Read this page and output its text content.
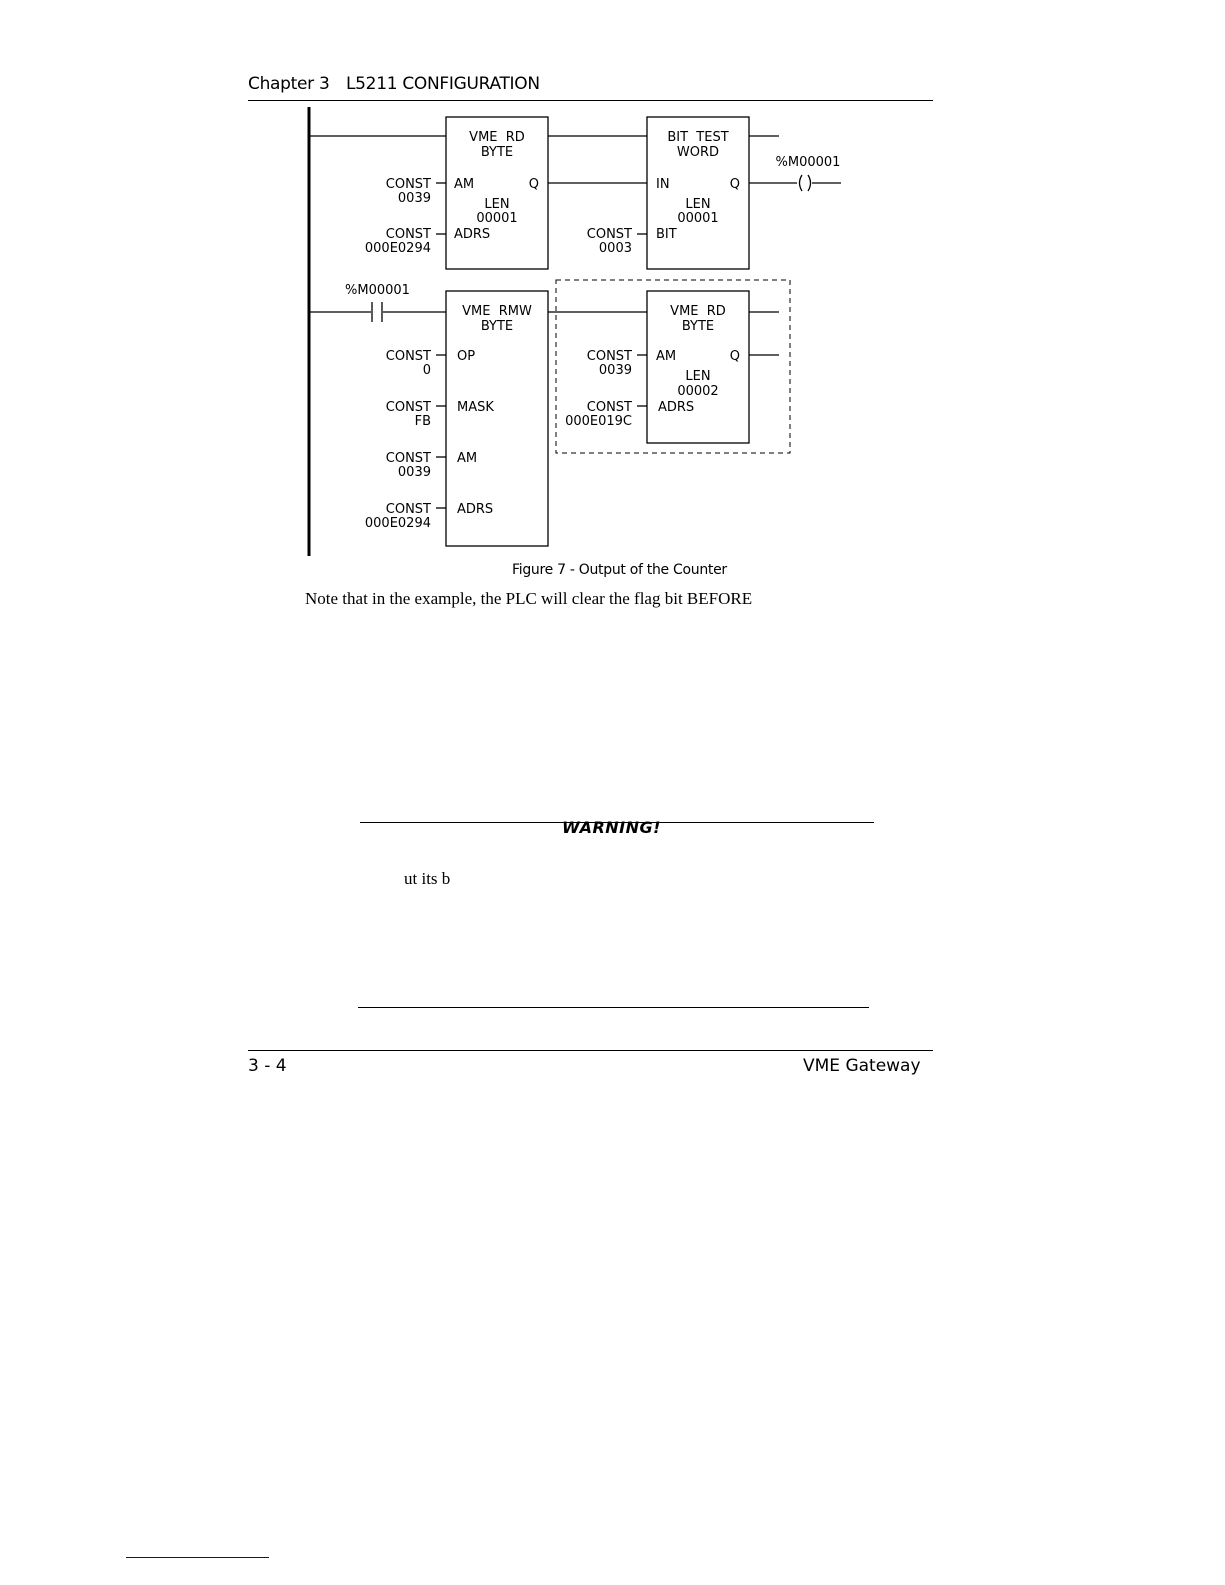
Chapter 3 L5211 CONFIGURATION
VME  RD
BYTE
AM	Q
LEN
00001
ADRS
CONST
0039
CONST
000E0294
BIT  TEST
WORD
IN	Q
LEN
00001
BIT
CONST
0003
%M00001
%M00001
VME  RMW
BYTE
OP
MASK
AM
ADRS
CONST
0
CONST
FB
CONST
0039
CONST
000E0294
VME  RD
BYTE
AM	Q
LEN
00002
ADRS
CONST
0039
CONST
000E019C
Figure 7 - Output of the Counter
Note that in the example, the PLC will clear the flag bit BEFORE
WARNING!
ut its b
3 - 4	VME Gateway
